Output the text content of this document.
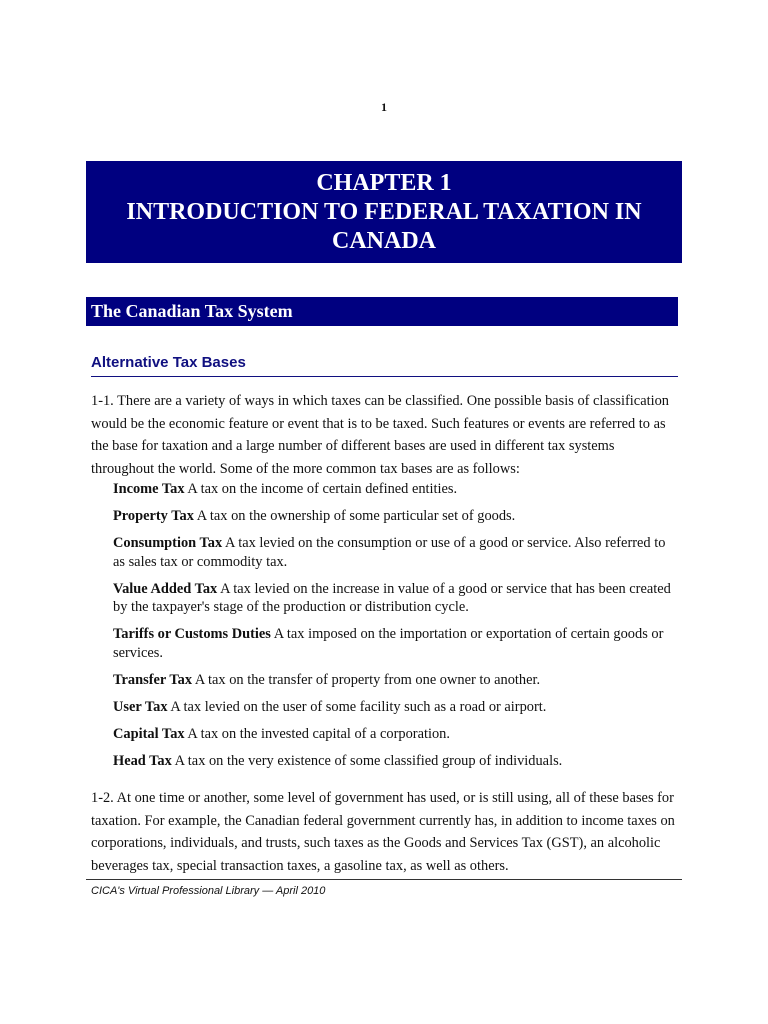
1
CHAPTER 1
INTRODUCTION TO FEDERAL TAXATION IN
CANADA
The Canadian Tax System
Alternative Tax Bases
1-1. There are a variety of ways in which taxes can be classified. One possible basis of classification would be the economic feature or event that is to be taxed. Such features or events are referred to as the base for taxation and a large number of different bases are used in different tax systems throughout the world. Some of the more common tax bases are as follows:
Income Tax A tax on the income of certain defined entities.
Property Tax A tax on the ownership of some particular set of goods.
Consumption Tax A tax levied on the consumption or use of a good or service. Also referred to as sales tax or commodity tax.
Value Added Tax A tax levied on the increase in value of a good or service that has been created by the taxpayer's stage of the production or distribution cycle.
Tariffs or Customs Duties A tax imposed on the importation or exportation of certain goods or services.
Transfer Tax A tax on the transfer of property from one owner to another.
User Tax A tax levied on the user of some facility such as a road or airport.
Capital Tax A tax on the invested capital of a corporation.
Head Tax A tax on the very existence of some classified group of individuals.
1-2. At one time or another, some level of government has used, or is still using, all of these bases for taxation. For example, the Canadian federal government currently has, in addition to income taxes on corporations, individuals, and trusts, such taxes as the Goods and Services Tax (GST), an alcoholic beverages tax, special transaction taxes, a gasoline tax, as well as others.
CICA's Virtual Professional Library — April 2010
